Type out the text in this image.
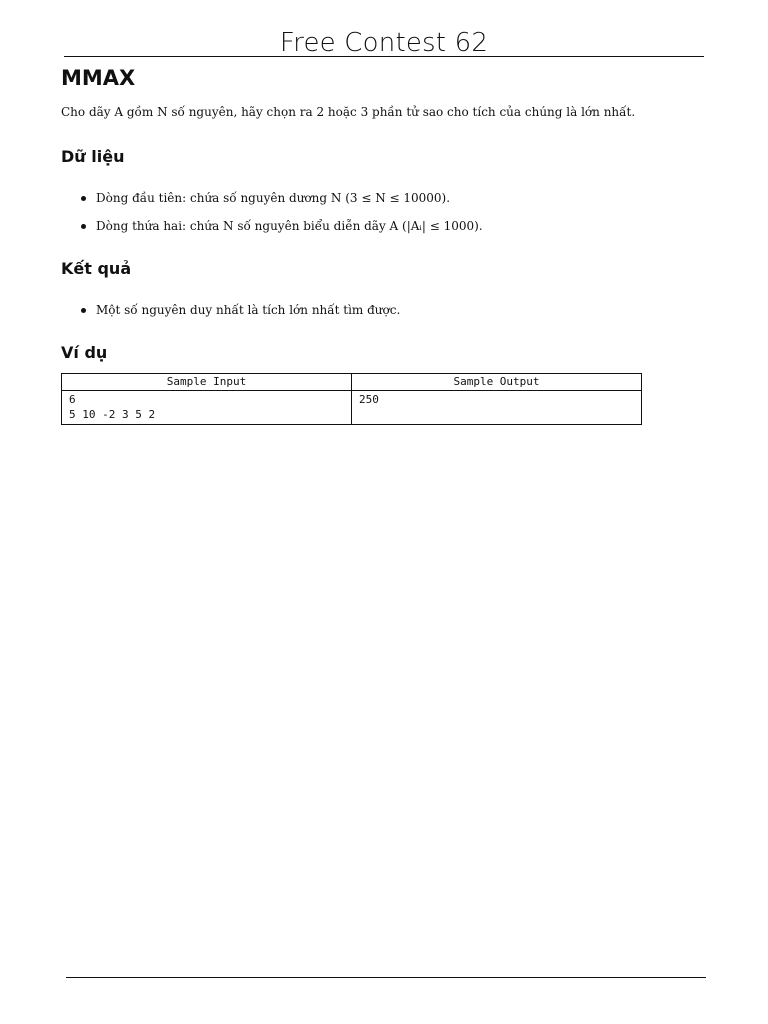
Free Contest 62
MMAX
Cho dãy A gồm N số nguyên, hãy chọn ra 2 hoặc 3 phần tử sao cho tích của chúng là lớn nhất.
Dữ liệu
Dòng đầu tiên: chứa số nguyên dương N (3 ≤ N ≤ 10000).
Dòng thứa hai: chứa N số nguyên biểu diễn dãy A (|Aᵢ| ≤ 1000).
Kết quả
Một số nguyên duy nhất là tích lớn nhất tìm được.
Ví dụ
Sample Input	Sample Output

6
5 10 -2 3 5 2	250
